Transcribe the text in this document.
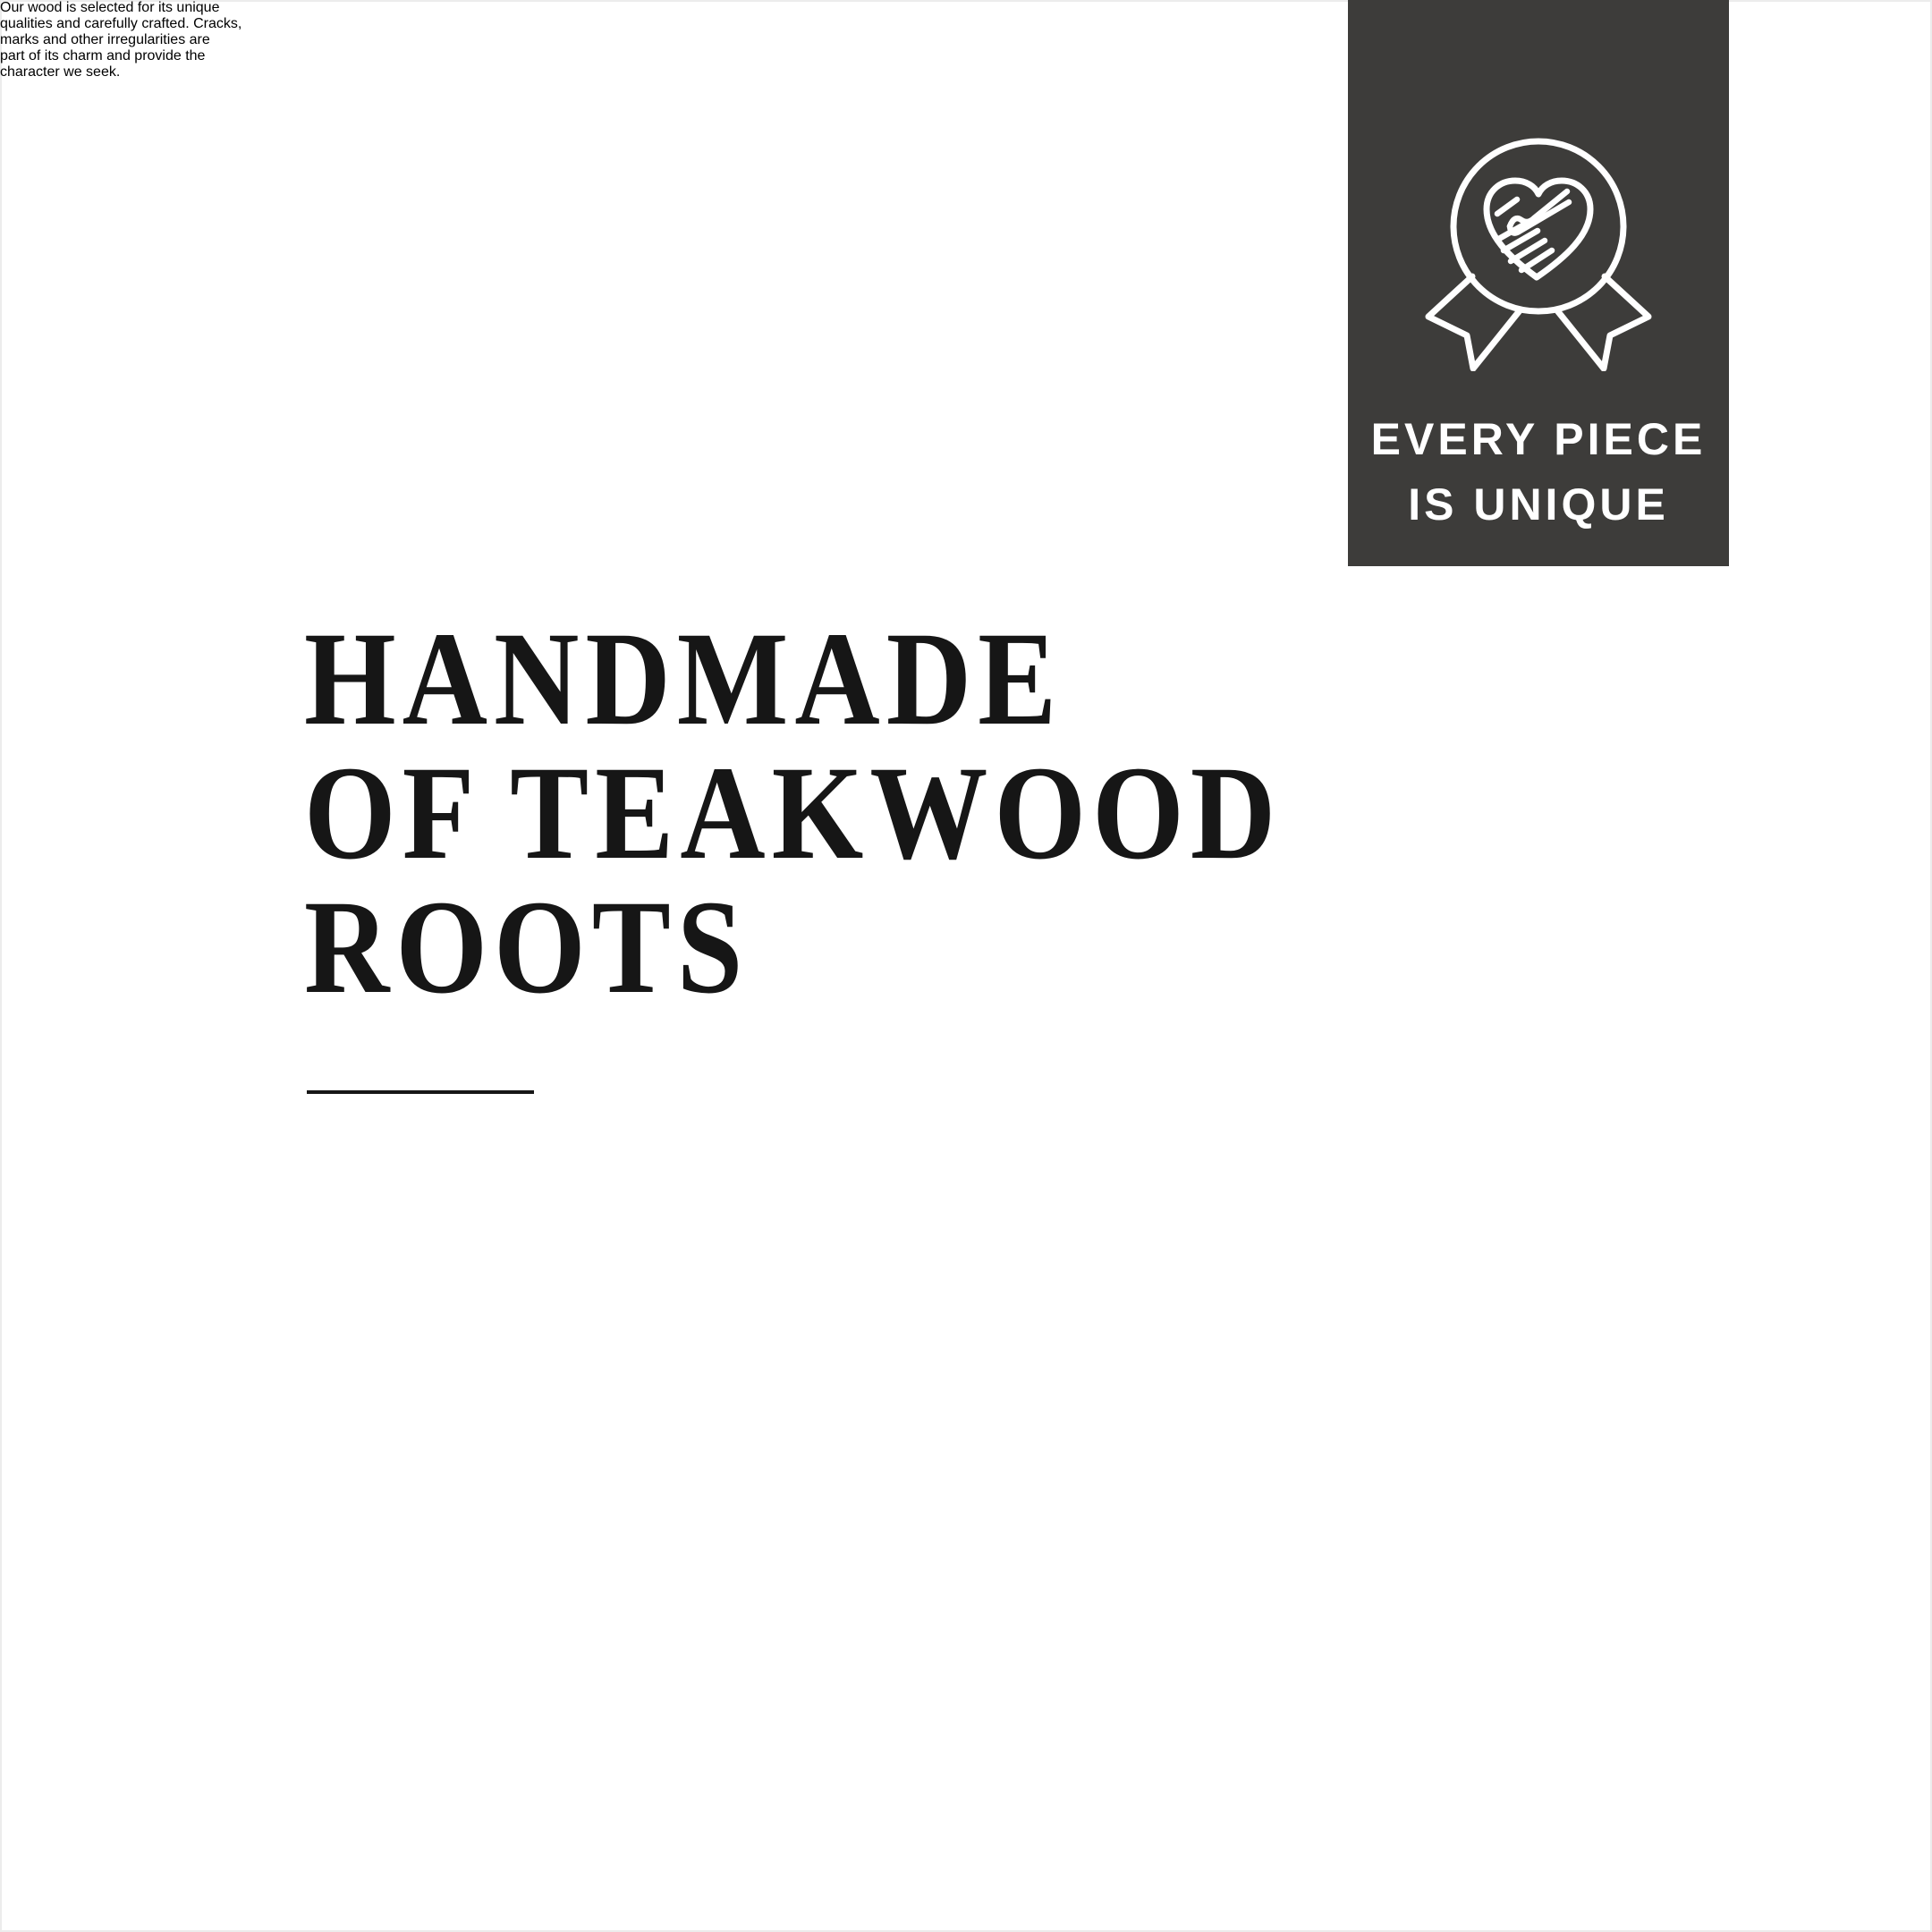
EVERY PIECE
IS UNIQUE
HANDMADE
OF TEAKWOOD
ROOTS

Our wood is selected for its unique
qualities and carefully crafted. Cracks,
marks and other irregularities are
part of its charm and provide the
character we seek.
